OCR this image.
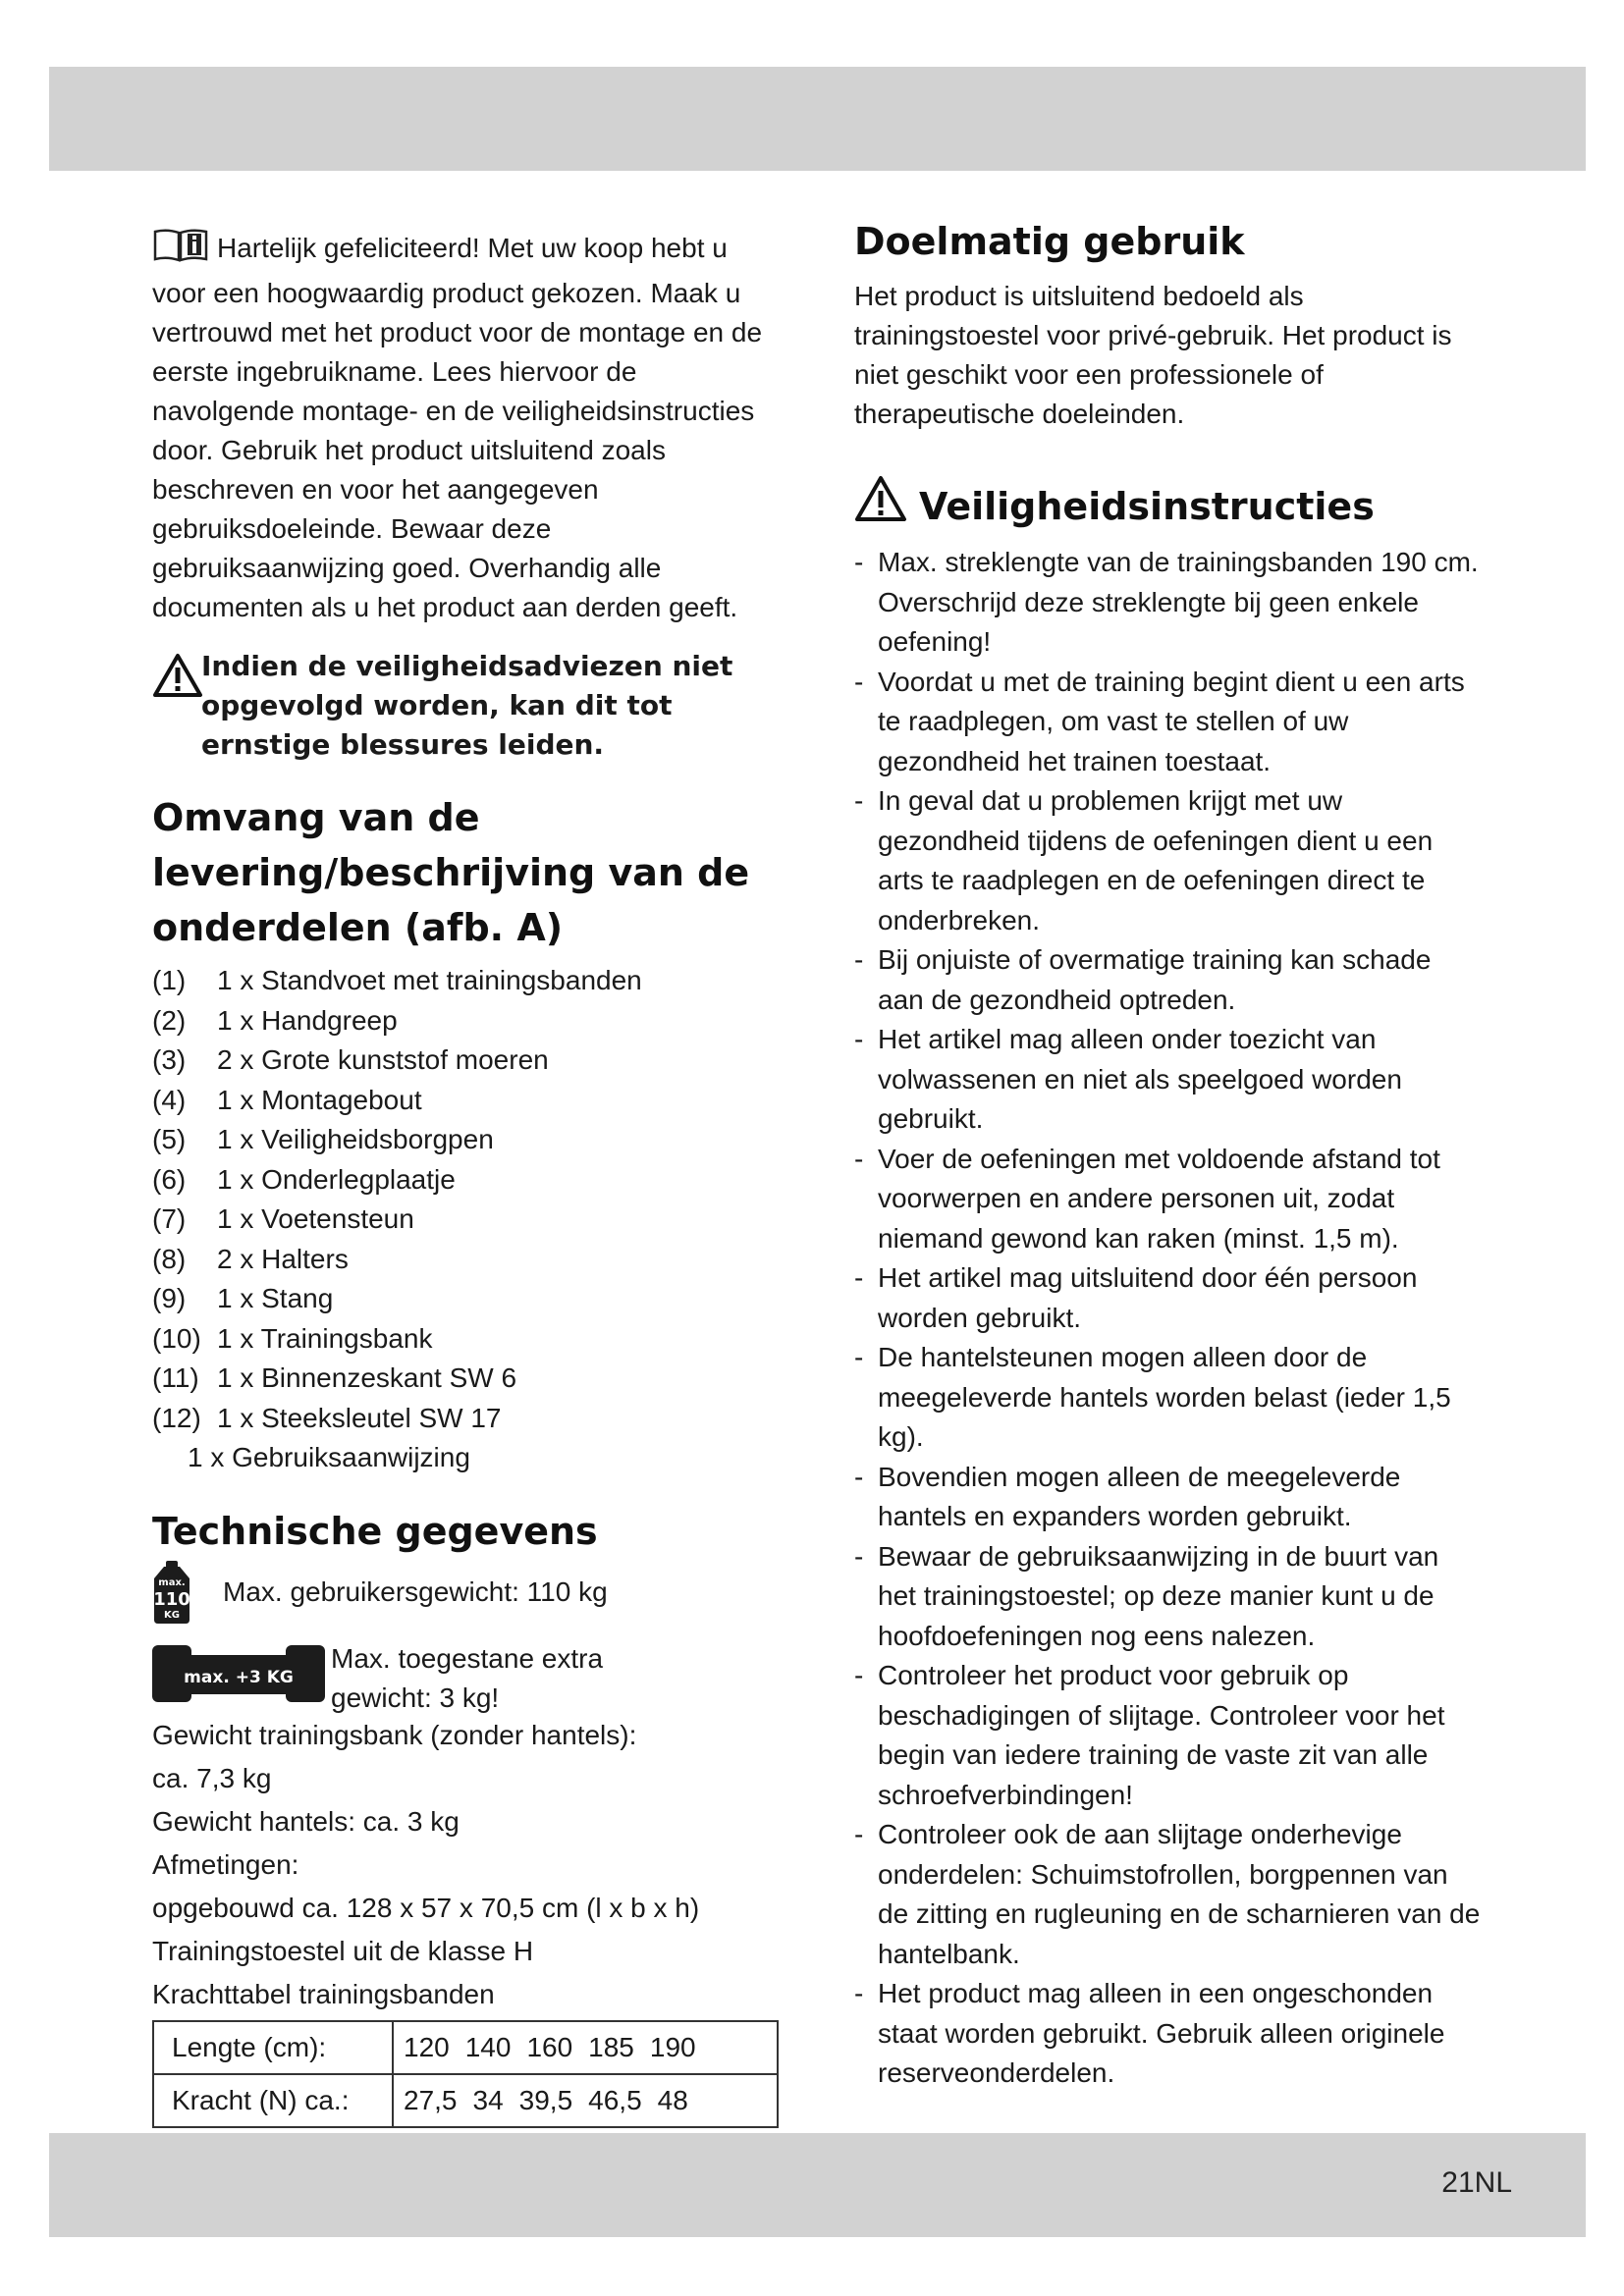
Hartelijk gefeliciteerd! Met uw koop hebt u voor een hoogwaardig product gekozen. Maak u vertrouwd met het product voor de montage en de eerste ingebruikname. Lees hiervoor de navolgende montage- en de veiligheidsinstructies door. Gebruik het product uitsluitend zoals beschreven en voor het aangegeven gebruiksdoeleinde. Bewaar deze gebruiksaanwijzing goed. Overhandig alle documenten als u het product aan derden geeft.

Indien de veiligheidsadviezen niet opgevolgd worden, kan dit tot ernstige blessures leiden.

Omvang van de levering/beschrijving van de onderdelen (afb. A)
(1)	1 x Standvoet met trainingsbanden
(2)	1 x Handgreep
(3)	2 x Grote kunststof moeren
(4)	1 x Montagebout
(5)	1 x Veiligheidsborgpen
(6)	1 x Onderlegplaatje
(7)	1 x Voetensteun
(8)	2 x Halters
(9)	1 x Stang
(10) 1 x Trainingsbank
(11) 1 x Binnenzeskant SW 6
(12) 1 x Steeksleutel SW 17
1 x Gebruiksaanwijzing
Technische gegevens
max.
110
KG
Max. gebruikersgewicht: 110 kg
Max. toegestane extra gewicht: 3 kg!
max. +3 KG

Gewicht trainingsbank (zonder hantels):

ca. 7,3 kg

Gewicht hantels: ca. 3 kg

Afmetingen:

opgebouwd ca. 128 x 57 x 70,5 cm (l x b x h)

Trainingstoestel uit de klasse H

Krachttabel trainingsbanden

Lengte (cm):	120 140 160 185 190
Kracht (N) ca.:	27,5 34 39,5 46,5 48
Doelmatig gebruik

Het product is uitsluitend bedoeld als trainingstoestel voor privé-gebruik. Het product is niet geschikt voor een professionele of therapeutische doeleinden.

Veiligheidsinstructies
- Max. streklengte van de trainingsbanden 190 cm. Overschrijd deze streklengte bij geen enkele oefening!
- Voordat u met de training begint dient u een arts te raadplegen, om vast te stellen of uw gezondheid het trainen toestaat.
- In geval dat u problemen krijgt met uw gezondheid tijdens de oefeningen dient u een arts te raadplegen en de oefeningen direct te onderbreken.
- Bij onjuiste of overmatige training kan schade aan de gezondheid optreden.
- Het artikel mag alleen onder toezicht van volwassenen en niet als speelgoed worden gebruikt.
- Voer de oefeningen met voldoende afstand tot voorwerpen en andere personen uit, zodat niemand gewond kan raken (minst. 1,5 m).
- Het artikel mag uitsluitend door één persoon worden gebruikt.
- De hantelsteunen mogen alleen door de meegeleverde hantels worden belast (ieder 1,5 kg).
- Bovendien mogen alleen de meegeleverde hantels en expanders worden gebruikt.
- Bewaar de gebruiksaanwijzing in de buurt van het trainingstoestel; op deze manier kunt u de hoofdoefeningen nog eens nalezen.
- Controleer het product voor gebruik op beschadigingen of slijtage. Controleer voor het begin van iedere training de vaste zit van alle schroefverbindingen!
- Controleer ook de aan slijtage onderhevige onderdelen: Schuimstofrollen, borgpennen van de zitting en rugleuning en de scharnieren van de hantelbank.
- Het product mag alleen in een ongeschonden staat worden gebruikt. Gebruik alleen originele reserveonderdelen.
21NL
